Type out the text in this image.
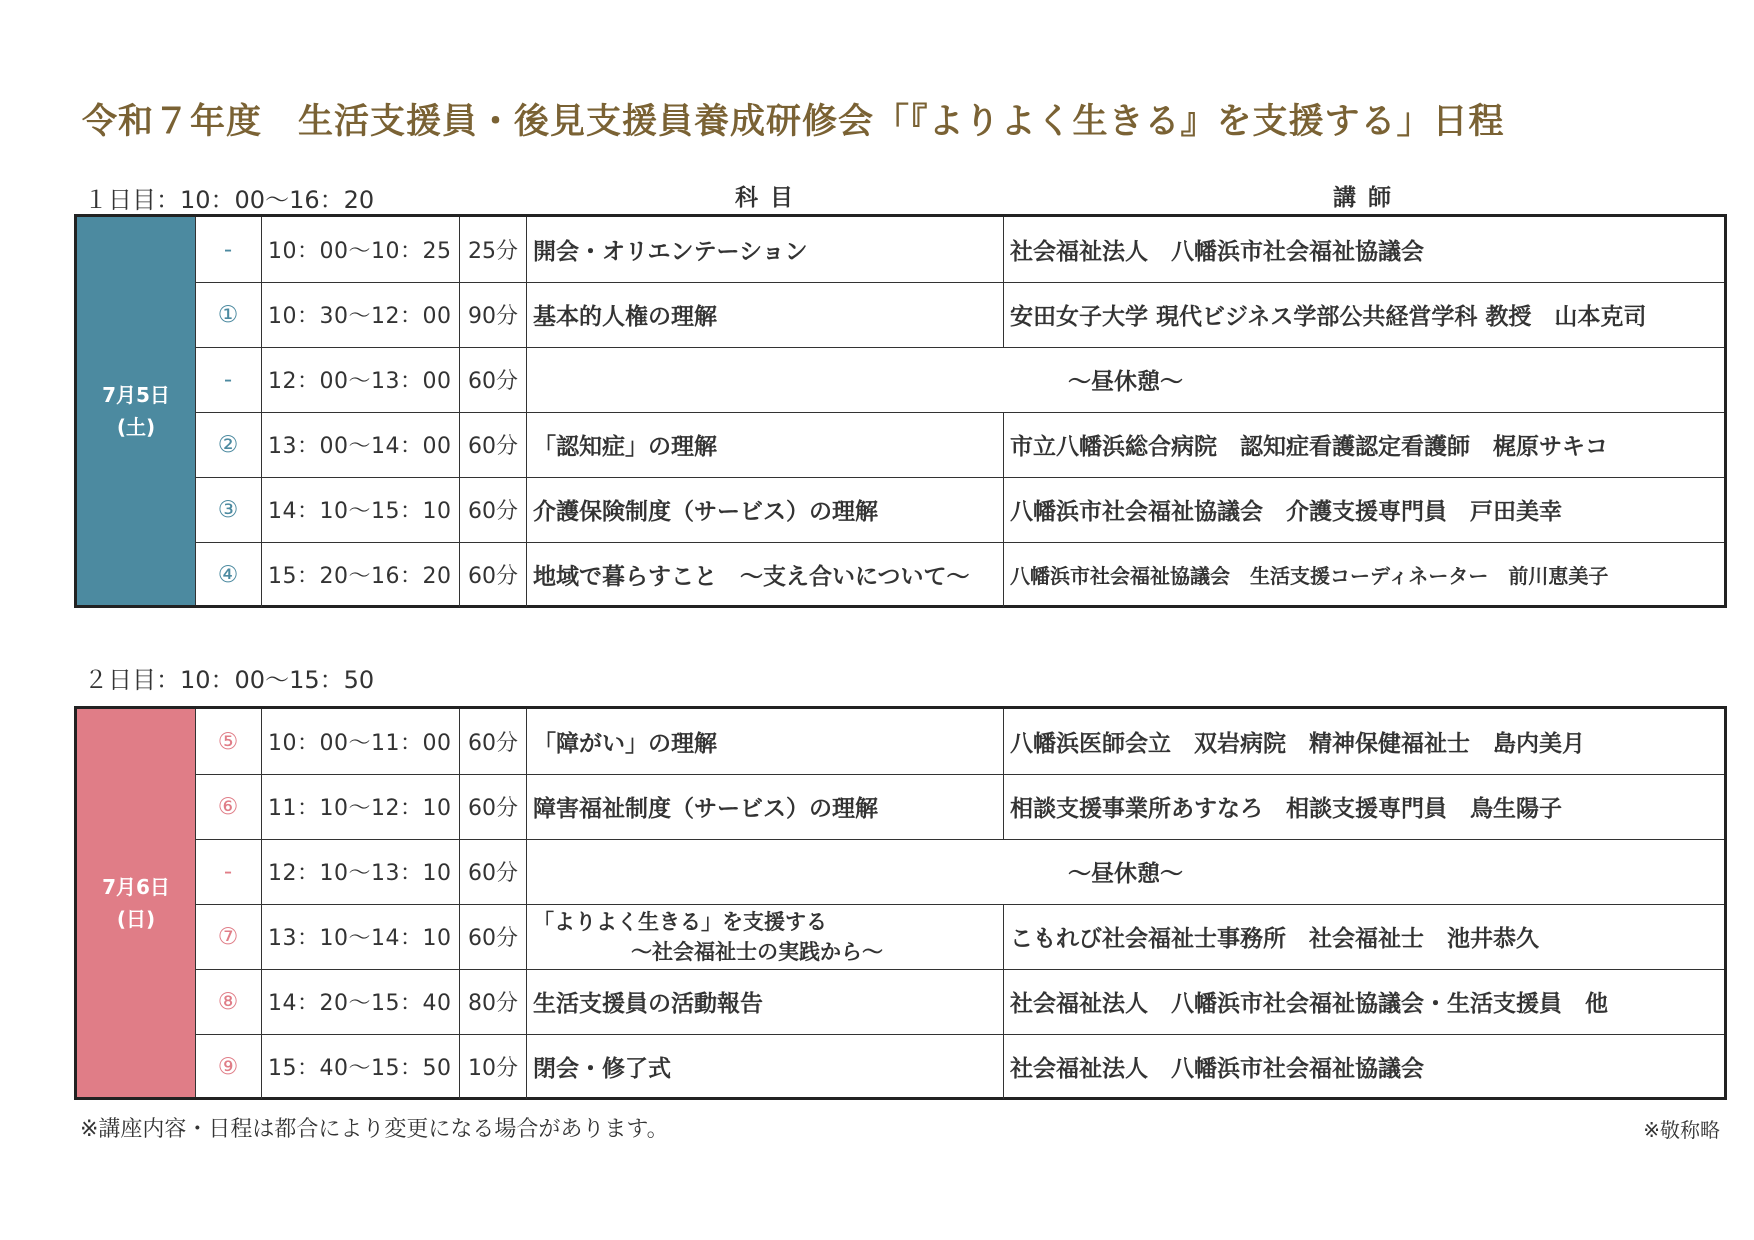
令和７年度　生活支援員・後見支援員養成研修会「『よりよく生きる』を支援する」日程
１日目：10：00〜16：20	科目	講師
7月5日
(土)
-	10：00〜10：25 25分 開会・オリエンテーション	社会福祉法人　八幡浜市社会福祉協議会
①	10：30〜12：00 90分 基本的人権の理解	安田女子大学 現代ビジネス学部公共経営学科 教授　山本克司
-	12：00〜13：00 60分	〜昼休憩〜
②	13：00〜14：00 60分 「認知症」の理解	市立八幡浜総合病院　認知症看護認定看護師　梶原サキコ
③	14：10〜15：10 60分 介護保険制度（サービス）の理解	八幡浜市社会福祉協議会　介護支援専門員　戸田美幸
④	15：20〜16：20 60分 地域で暮らすこと　〜支え合いについて〜	八幡浜市社会福祉協議会　生活支援コーディネーター　前川恵美子
２日目：10：00〜15：50
7月6日
(日)
⑤	10：00〜11：00 60分 「障がい」の理解	八幡浜医師会立　双岩病院　精神保健福祉士　島内美月
⑥	11：10〜12：10 60分 障害福祉制度（サービス）の理解	相談支援事業所あすなろ　相談支援専門員　鳥生陽子
-	12：10〜13：10 60分	〜昼休憩〜
⑦	13：10〜14：10 60分
「よりよく生きる」を支援する
〜社会福祉士の実践から〜	こもれび社会福祉士事務所　社会福祉士　池井恭久
⑧	14：20〜15：40 80分 生活支援員の活動報告	社会福祉法人　八幡浜市社会福祉協議会・生活支援員　他
⑨	15：40〜15：50 10分 閉会・修了式	社会福祉法人　八幡浜市社会福祉協議会
※講座内容・日程は都合により変更になる場合があります。	※敬称略
